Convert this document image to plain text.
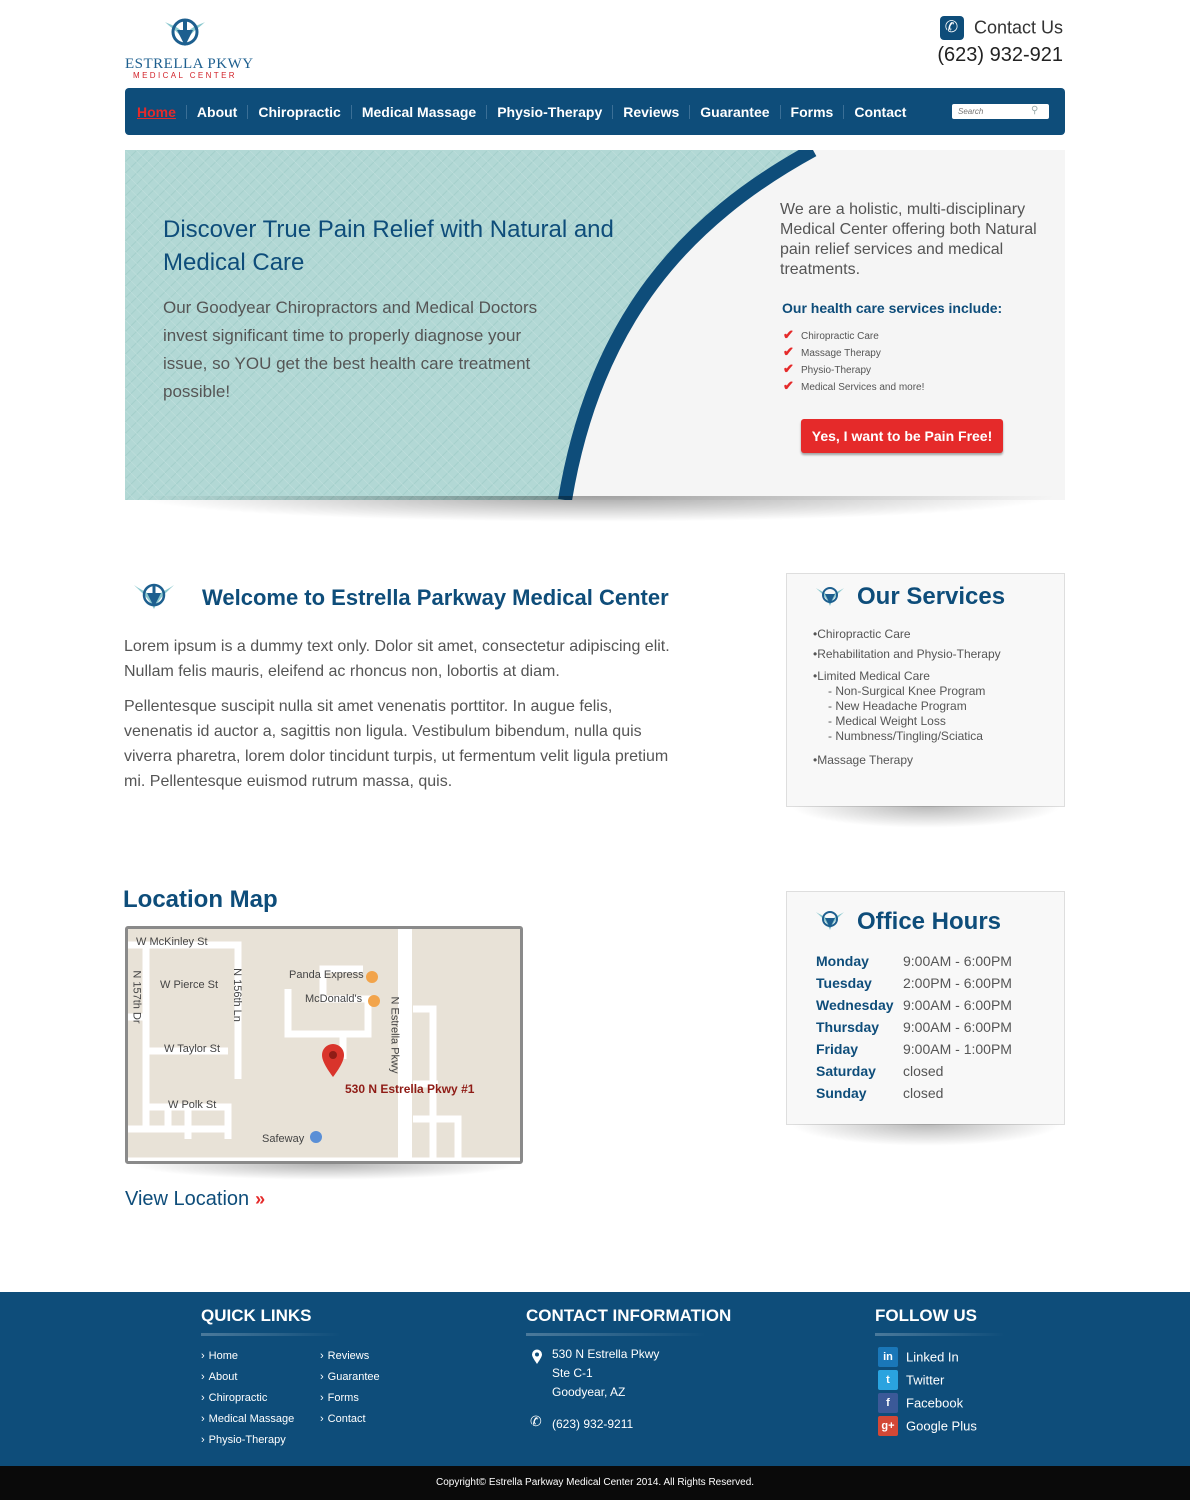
ESTRELLA PKWY
MEDICAL CENTER
✆ Contact Us
(623) 932-921
Home	About	Chiropractic	Medical Massage	Physio-Therapy	Reviews	Guarantee	Forms	Contact
Search	⚲
Discover True Pain Relief with Natural and Medical Care
Our Goodyear Chiropractors and Medical Doctors invest significant time to properly diagnose your issue, so YOU get the best health care treatment possible!
We are a holistic, multi-disciplinary Medical Center offering both Natural pain relief services and medical treatments.
Our health care services include:
✔ Chiropractic Care
✔ Massage Therapy
✔ Physio-Therapy
✔ Medical Services and more!
Yes, I want to be Pain Free!
Welcome to Estrella Parkway Medical Center

Lorem ipsum is a dummy text only. Dolor sit amet, consectetur adipiscing elit. Nullam felis mauris, eleifend ac rhoncus non, lobortis at diam.

Pellentesque suscipit nulla sit amet venenatis porttitor. In augue felis, venenatis id auctor a, sagittis non ligula. Vestibulum bibendum, nulla quis viverra pharetra, lorem dolor tincidunt turpis, ut fermentum velit ligula pretium mi. Pellentesque euismod rutrum massa, quis.

Our Services
•Chiropractic Care
•Rehabilitation and Physio-Therapy
•Limited Medical Care
- Non-Surgical Knee Program
- New Headache Program
- Medical Weight Loss
- Numbness/Tingling/Sciatica
•Massage Therapy
Location Map
W McKinley St
W Pierce St
W Taylor St
W Polk St
N 157th Dr	N 156th Ln
N Estrella Pkwy
Panda Express
McDonald's
Safeway
530 N Estrella Pkwy #1
View Location »
Office Hours
Monday 9:00AM - 6:00PM
Tuesday 2:00PM - 6:00PM
Wednesday 9:00AM - 6:00PM
Thursday 9:00AM - 6:00PM
Friday	9:00AM - 1:00PM
Saturday closed
Sunday	closed
QUICK LINKS
› Home
› About
› Chiropractic
› Medical Massage
› Physio-Therapy
› Reviews
› Guarantee
› Forms
› Contact
CONTACT INFORMATION
530 N Estrella Pkwy
Ste C-1
Goodyear, AZ
✆ (623) 932-9211
FOLLOW US
in Linked In
t Twitter
f Facebook
g+ Google Plus
Copyright© Estrella Parkway Medical Center 2014. All Rights Reserved.
